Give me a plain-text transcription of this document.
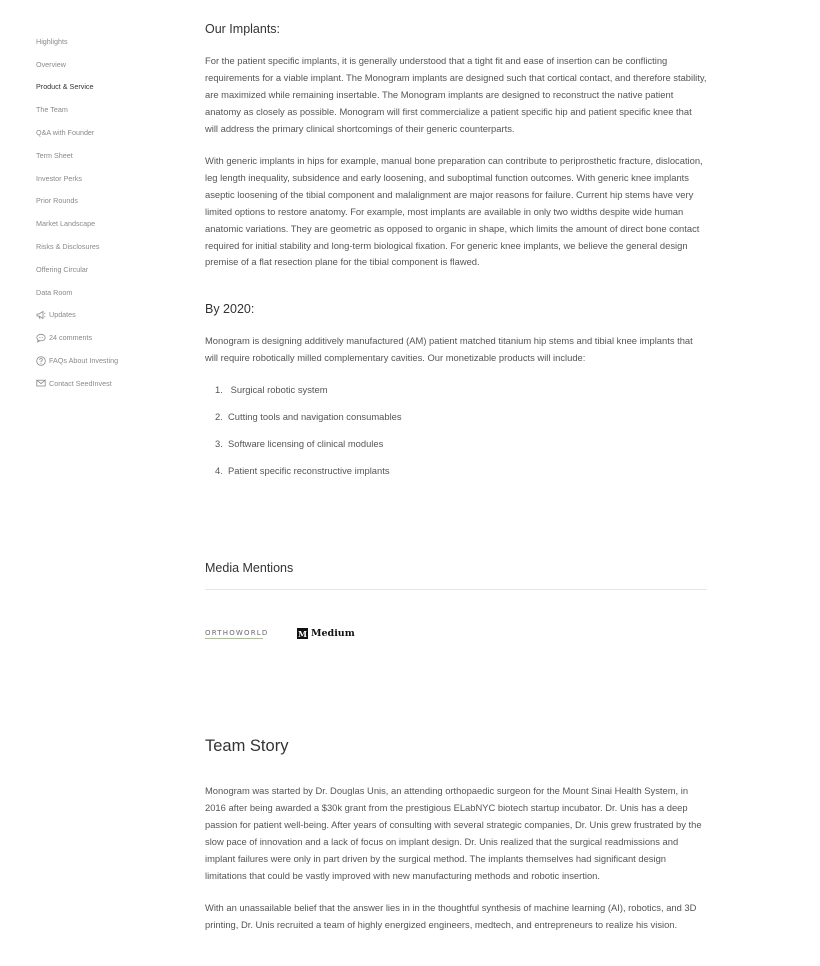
Highlights
Overview
Product & Service
The Team
Q&A with Founder
Term Sheet
Investor Perks
Prior Rounds
Market Landscape
Risks & Disclosures
Offering Circular
Data Room
Updates
24 comments
FAQs About Investing
Contact SeedInvest
Our Implants:

For the patient specific implants, it is generally understood that a tight fit and ease of insertion can be conflicting requirements for a viable implant. The Monogram implants are designed such that cortical contact, and therefore stability, are maximized while remaining insertable. The Monogram implants are designed to reconstruct the native patient anatomy as closely as possible. Monogram will first commercialize a patient specific hip and patient specific knee that will address the primary clinical shortcomings of their generic counterparts.

With generic implants in hips for example, manual bone preparation can contribute to periprosthetic fracture, dislocation, leg length inequality, subsidence and early loosening, and suboptimal function outcomes. With generic knee implants aseptic loosening of the tibial component and malalignment are major reasons for failure. Current hip stems have very limited options to restore anatomy. For example, most implants are available in only two widths despite wide human anatomic variations. They are geometric as opposed to organic in shape, which limits the amount of direct bone contact required for initial stability and long-term biological fixation. For generic knee implants, we believe the general design premise of a flat resection plane for the tibial component is flawed.

By 2020:

Monogram is designing additively manufactured (AM) patient matched titanium hip stems and tibial knee implants that will require robotically milled complementary cavities. Our monetizable products will include:

1. Surgical robotic system
2. Cutting tools and navigation consumables
3. Software licensing of clinical modules
4. Patient specific reconstructive implants
Media Mentions
ORTHOWORLD	M Medium
Team Story

Monogram was started by Dr. Douglas Unis, an attending orthopaedic surgeon for the Mount Sinai Health System, in 2016 after being awarded a $30k grant from the prestigious ELabNYC biotech startup incubator. Dr. Unis has a deep passion for patient well-being. After years of consulting with several strategic companies, Dr. Unis grew frustrated by the slow pace of innovation and a lack of focus on implant design. Dr. Unis realized that the surgical readmissions and implant failures were only in part driven by the surgical method. The implants themselves had significant design limitations that could be vastly improved with new manufacturing methods and robotic insertion.

With an unassailable belief that the answer lies in in the thoughtful synthesis of machine learning (AI), robotics, and 3D printing, Dr. Unis recruited a team of highly energized engineers, medtech, and entrepreneurs to realize his vision.
